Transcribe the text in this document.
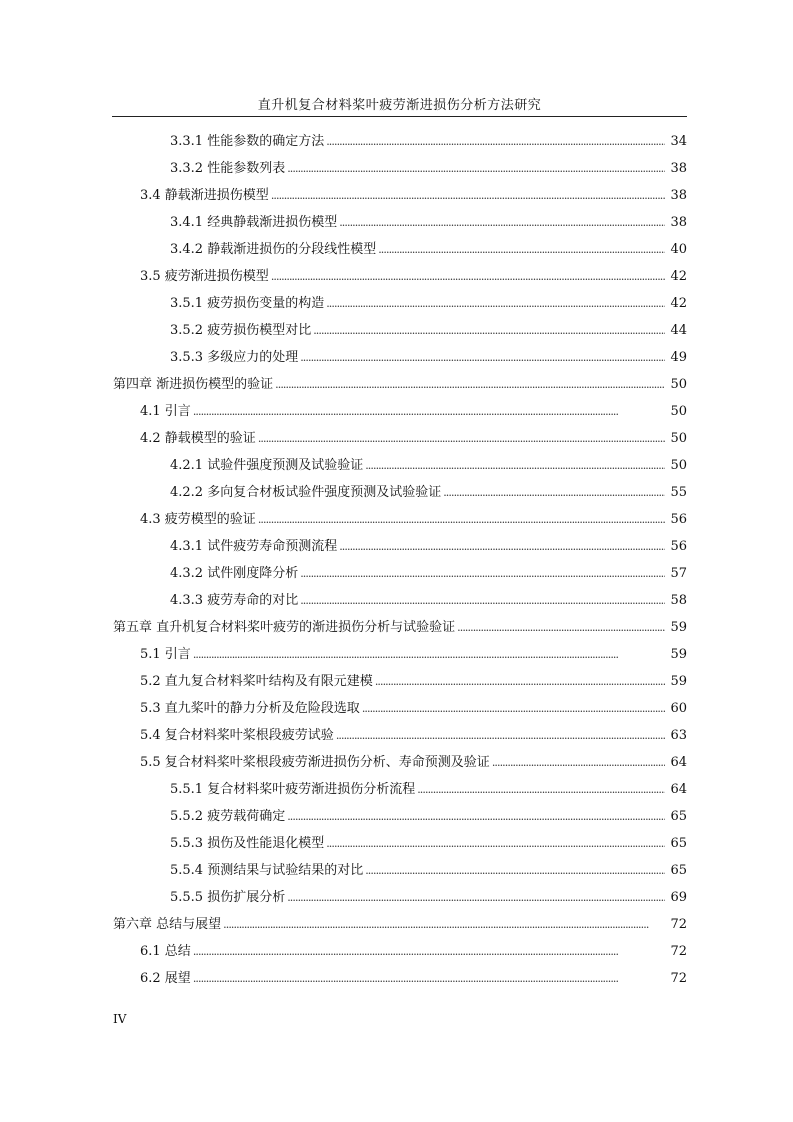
直升机复合材料桨叶疲劳渐进损伤分析方法研究
3.3.1 性能参数的确定方法 . . .	34
3.3.2 性能参数列表 . . .	38
3.4 静载渐进损伤模型 . . .	38
3.4.1 经典静载渐进损伤模型 . . .	38
3.4.2 静载渐进损伤的分段线性模型 . . .	40
3.5 疲劳渐进损伤模型 . . .	42
3.5.1 疲劳损伤变量的构造 . . .	42
3.5.2 疲劳损伤模型对比 . . .	44
3.5.3 多级应力的处理 . . .	49
第四章 渐进损伤模型的验证 . . .	50
4.1 引言 . . .	50
4.2 静载模型的验证 . . .	50
4.2.1 试验件强度预测及试验验证 . . .	50
4.2.2 多向复合材板试验件强度预测及试验验证 . . .	55
4.3 疲劳模型的验证 . . .	56
4.3.1 试件疲劳寿命预测流程 . . .	56
4.3.2 试件刚度降分析 . . .	57
4.3.3 疲劳寿命的对比 . . .	58
第五章 直升机复合材料桨叶疲劳的渐进损伤分析与试验验证 . . .	59
5.1 引言 . . .	59
5.2 直九复合材料桨叶结构及有限元建模 . . .	59
5.3 直九桨叶的静力分析及危险段选取 . . .	60
5.4 复合材料桨叶桨根段疲劳试验 . . .	63
5.5 复合材料桨叶桨根段疲劳渐进损伤分析、寿命预测及验证 . . .	64
5.5.1 复合材料桨叶疲劳渐进损伤分析流程 . . .	64
5.5.2 疲劳载荷确定 . . .	65
5.5.3 损伤及性能退化模型 . . .	65
5.5.4 预测结果与试验结果的对比 . . .	65
5.5.5 损伤扩展分析 . . .	69
第六章 总结与展望 . . .	72
6.1 总结 . . .	72
6.2 展望 . . .	72
IV
